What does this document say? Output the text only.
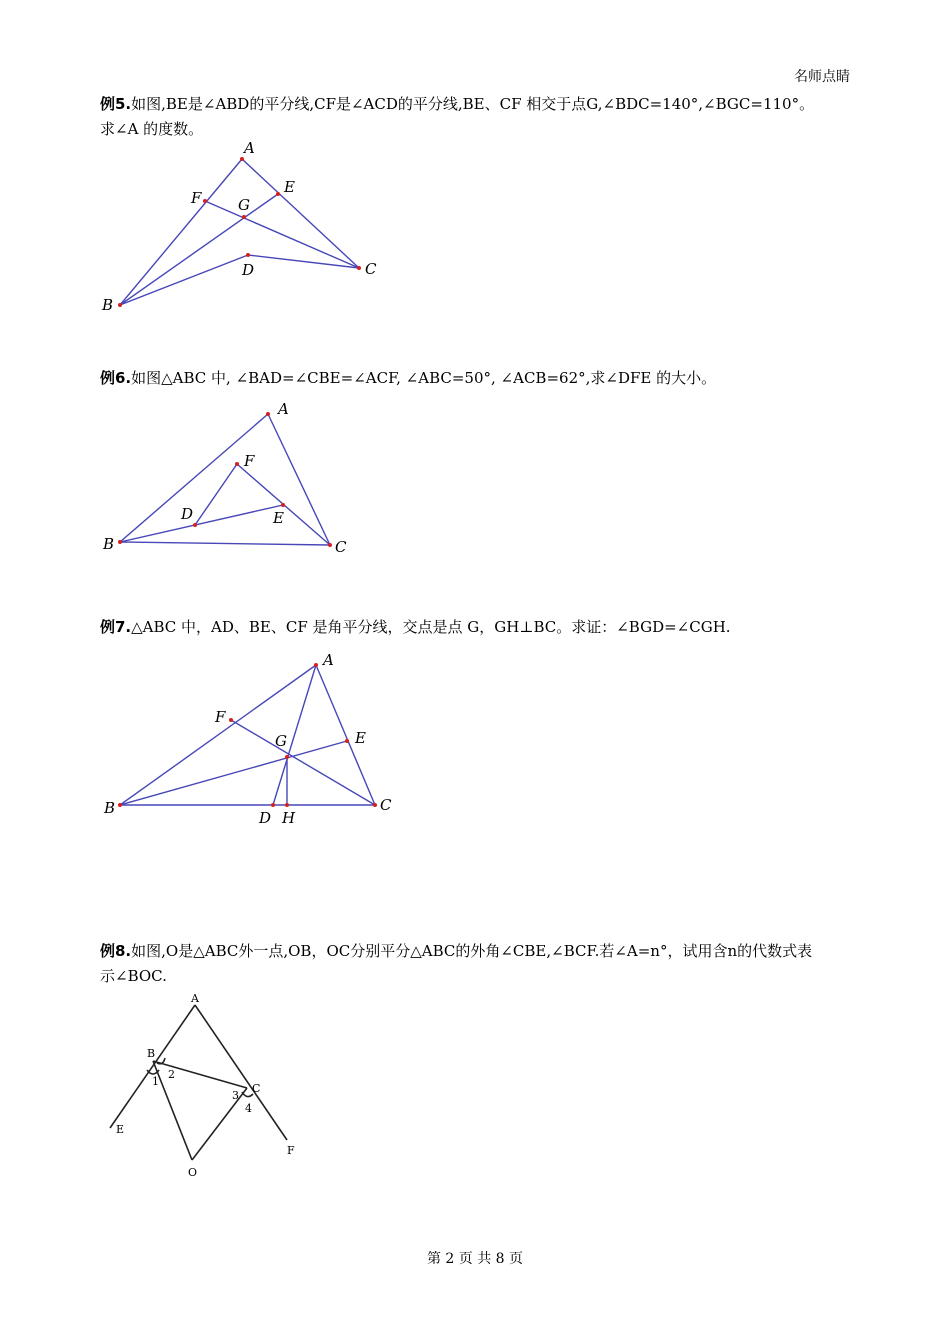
名师点睛
例5.如图,BE是∠ABD的平分线,CF是∠ACD的平分线,BE、CF 相交于点G,∠BDC=140°,∠BGC=110°。
求∠A 的度数。
A
E
F G
D	C
B
例6.如图△ABC 中, ∠BAD=∠CBE=∠ACF, ∠ABC=50°, ∠ACB=62°,求∠DFE 的大小。
A
F
D	E
B	C
例7.△ABC 中，AD、BE、CF 是角平分线，交点是点 G，GH⊥BC。求证：∠BGD=∠CGH.
A
F
G	E
B	C
D H
例8.如图,O是△ABC外一点,OB，OC分别平分△ABC的外角∠CBE,∠BCF.若∠A=n°，试用含n的代数式表
示∠BOC.
A
B
C
E
F
O
1
2
3
4
第 2 页 共 8 页
